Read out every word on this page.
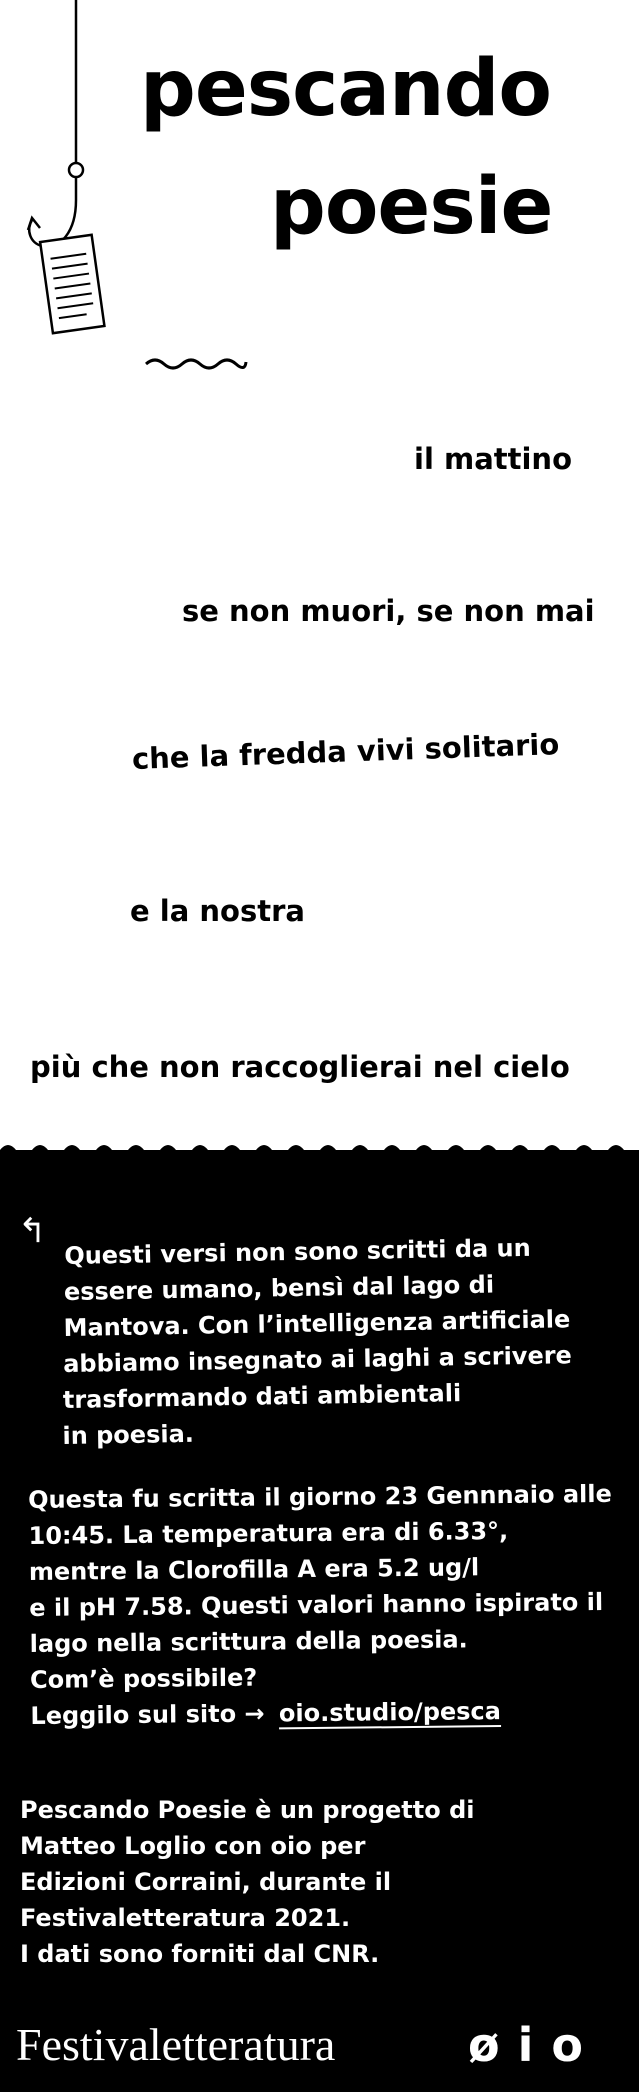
pescando
poesie

il mattino

se non muori, se non mai

che la fredda vivi solitario

e la nostra

più che non raccoglierai nel cielo

↰
Questi versi non sono scritti da un
essere umano, bensì dal lago di
Mantova. Con l’intelligenza artificiale
abbiamo insegnato ai laghi a scrivere
trasformando dati ambientali
in poesia.
Questa fu scritta il giorno 23 Gennnaio alle
10:45. La temperatura era di 6.33°,
mentre la Clorofilla A era 5.2 ug/l
e il pH 7.58. Questi valori hanno ispirato il
lago nella scrittura della poesia.
Com’è possibile?
Leggilo sul sito → oio.studio/pesca
Pescando Poesie è un progetto di
Matteo Loglio con oio per
Edizioni Corraini, durante il
Festivaletteratura 2021.
I dati sono forniti dal CNR.

Festivaletteratura	øio
